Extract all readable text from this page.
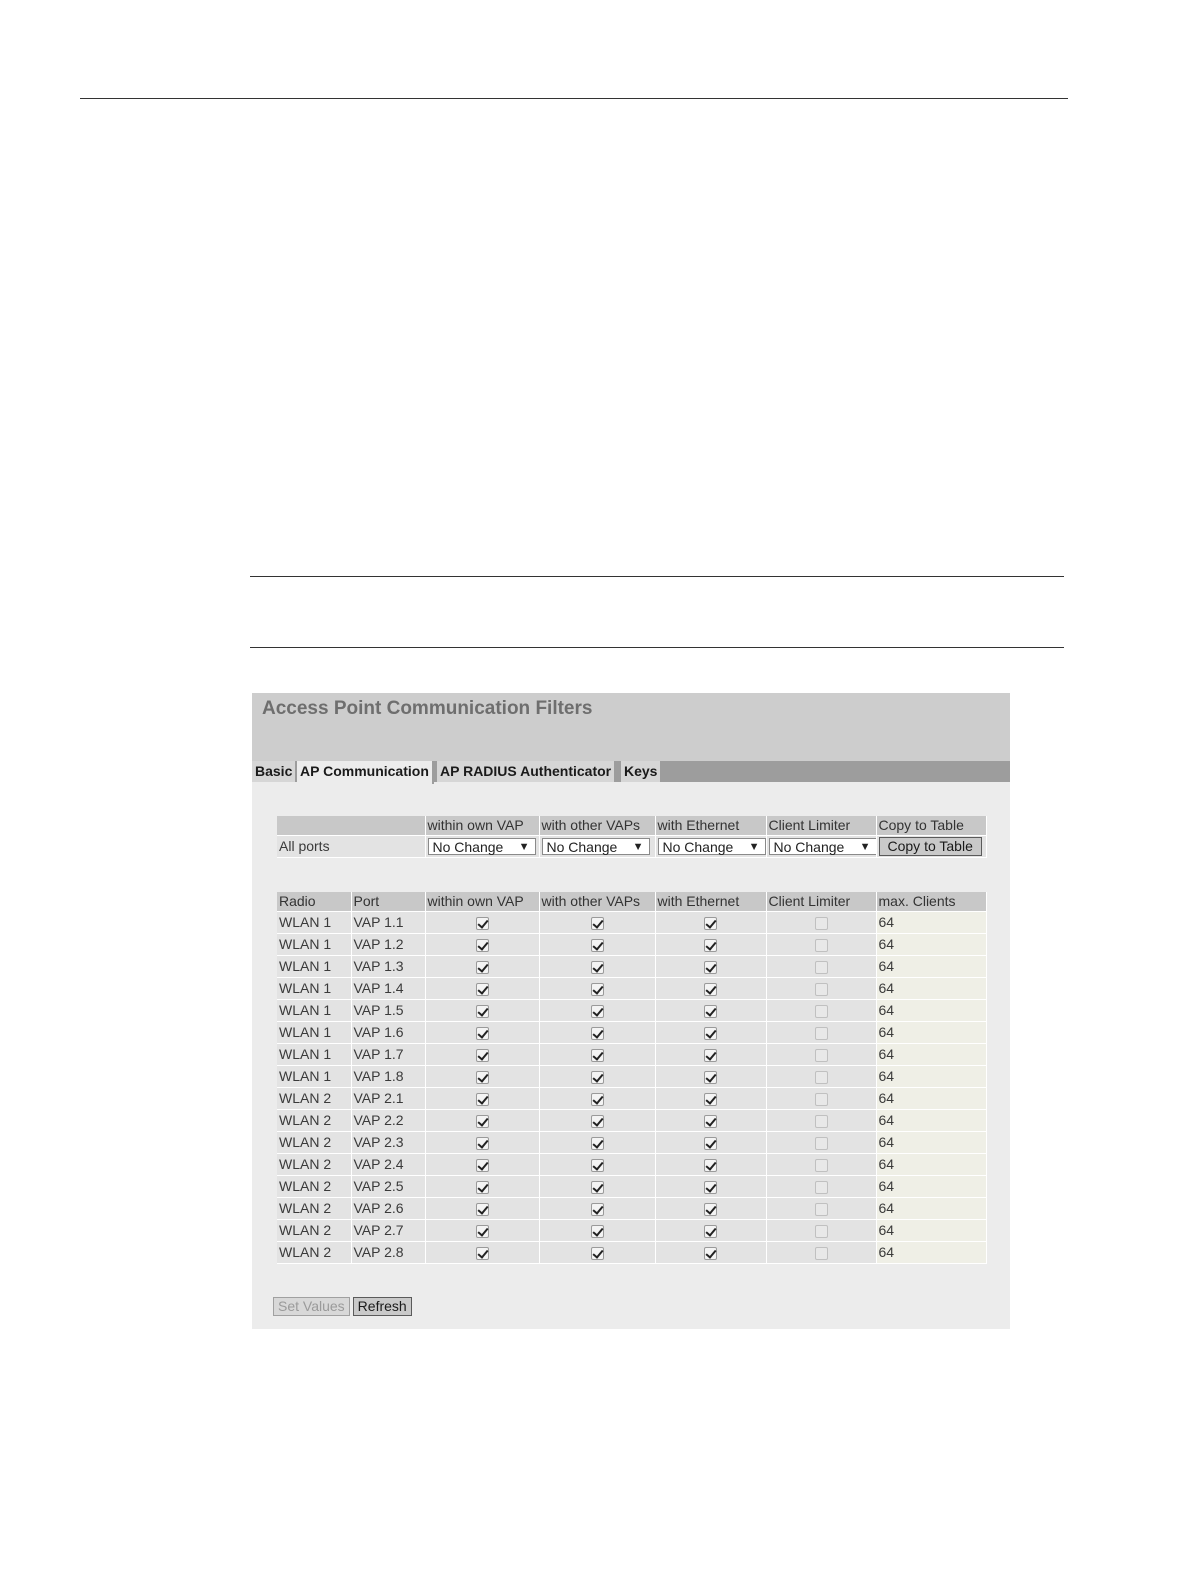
Access Point Communication Filters
Basic AP Communication AP RADIUS Authenticator Keys
	within own VAP	with other VAPs	with Ethernet	Client Limiter	Copy to Table
All ports	No Change ▼	No Change ▼	No Change ▼	No Change ▼	Copy to Table
Radio	Port	within own VAP	with other VAPs	with Ethernet	Client Limiter	max. Clients
WLAN 1	VAP 1.1					64
WLAN 1	VAP 1.2					64
WLAN 1	VAP 1.3					64
WLAN 1	VAP 1.4					64
WLAN 1	VAP 1.5					64
WLAN 1	VAP 1.6					64
WLAN 1	VAP 1.7					64
WLAN 1	VAP 1.8					64
WLAN 2	VAP 2.1					64
WLAN 2	VAP 2.2					64
WLAN 2	VAP 2.3					64
WLAN 2	VAP 2.4					64
WLAN 2	VAP 2.5					64
WLAN 2	VAP 2.6					64
WLAN 2	VAP 2.7					64
WLAN 2	VAP 2.8					64
Set Values Refresh
